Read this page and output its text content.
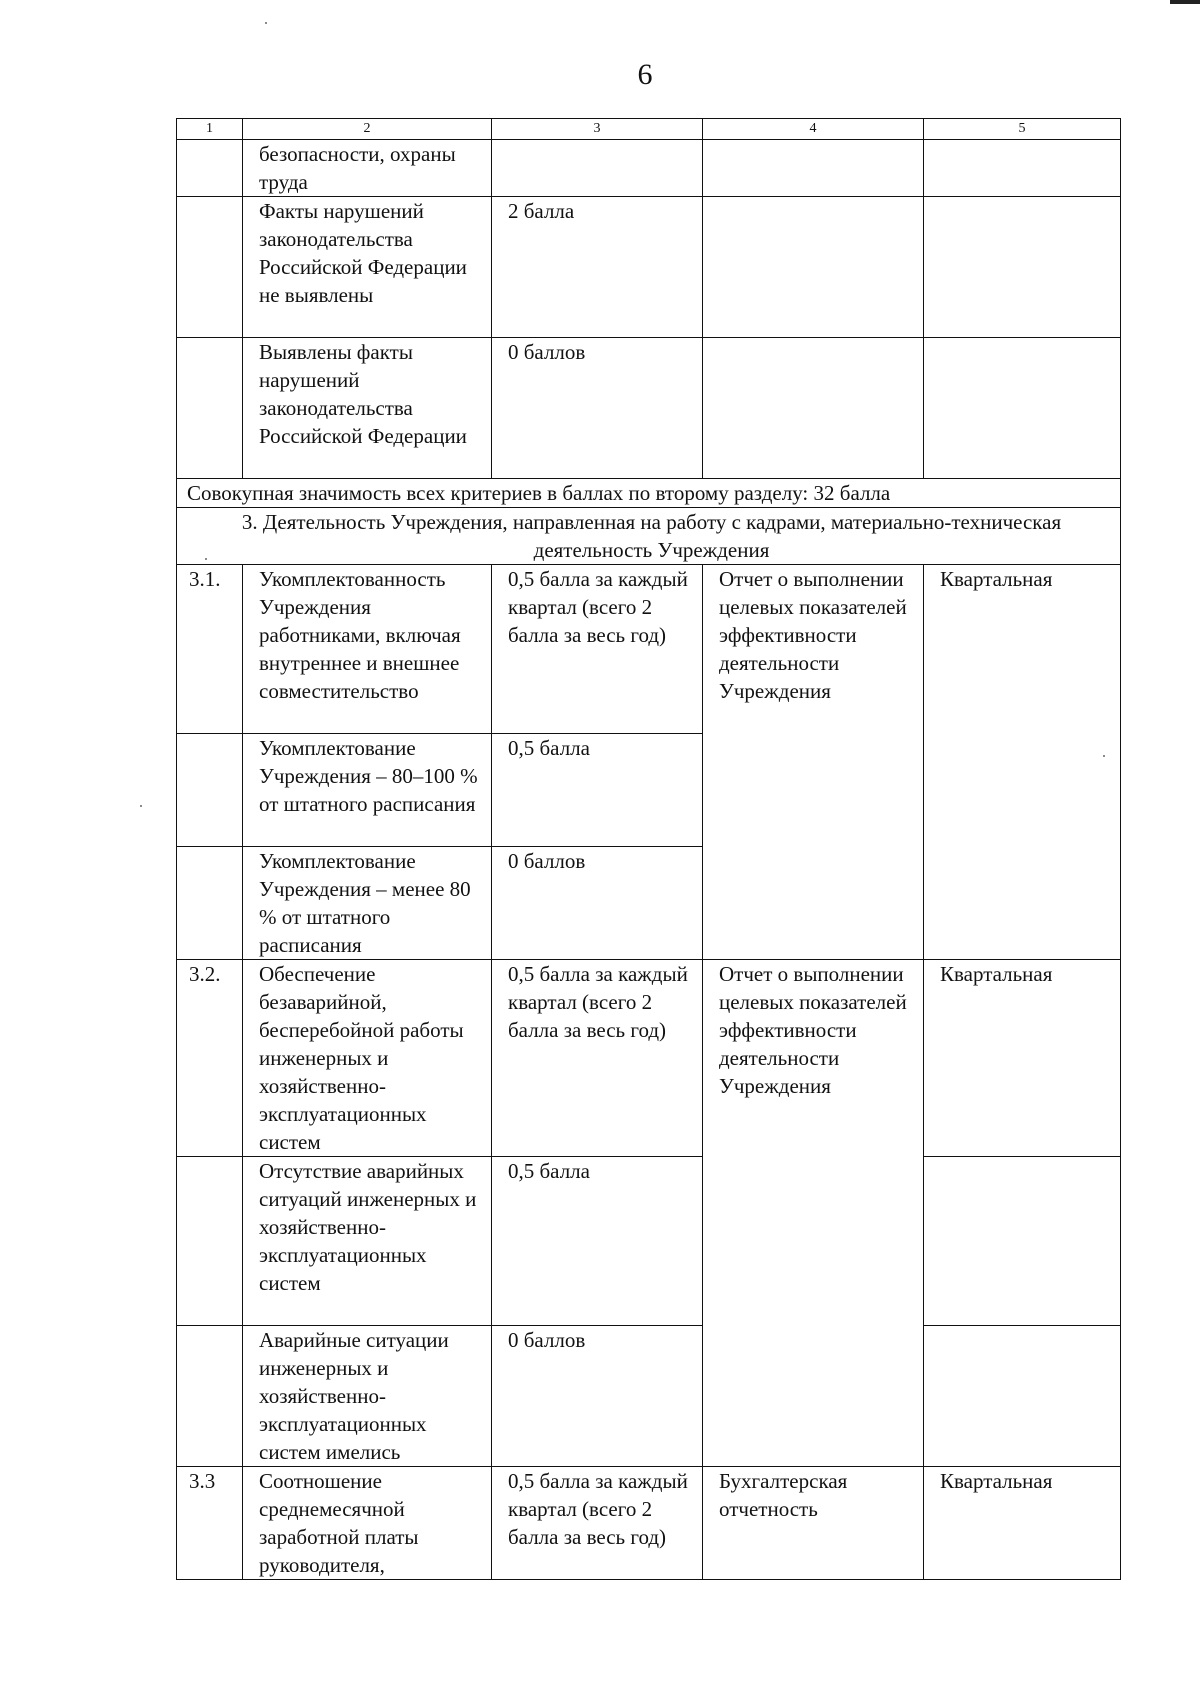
6
1	2	3	4	5
	безопасности, охраны труда			
	Факты нарушений законодательства Российской Федерации не выявлены	2 балла		
	Выявлены факты нарушений законодательства Российской Федерации	0 баллов		
Совокупная значимость всех критериев в баллах по второму разделу: 32 балла				
3. Деятельность Учреждения, направленная на работу с кадрами, материально-техническая деятельность Учреждения				
3.1.	Укомплектованность Учреждения работниками, включая внутреннее и внешнее совместительство	0,5 балла за каждый квартал (всего 2 балла за весь год)	Отчет о выполнении целевых показателей эффективности деятельности Учреждения	Квартальная
	Укомплектование Учреждения – 80–100 % от штатного расписания	0,5 балла		
	Укомплектование Учреждения – менее 80 % от штатного расписания	0 баллов		
3.2.	Обеспечение безаварийной, бесперебойной работы инженерных и хозяйственно-эксплуатационных систем	0,5 балла за каждый квартал (всего 2 балла за весь год)	Отчет о выполнении целевых показателей эффективности деятельности Учреждения	Квартальная
	Отсутствие аварийных ситуаций инженерных и хозяйственно-эксплуатационных систем	0,5 балла		
	Аварийные ситуации инженерных и хозяйственно-эксплуатационных систем имелись	0 баллов		
3.3	Соотношение среднемесячной заработной платы руководителя,	0,5 балла за каждый квартал (всего 2 балла за весь год)	Бухгалтерская отчетность	Квартальная
